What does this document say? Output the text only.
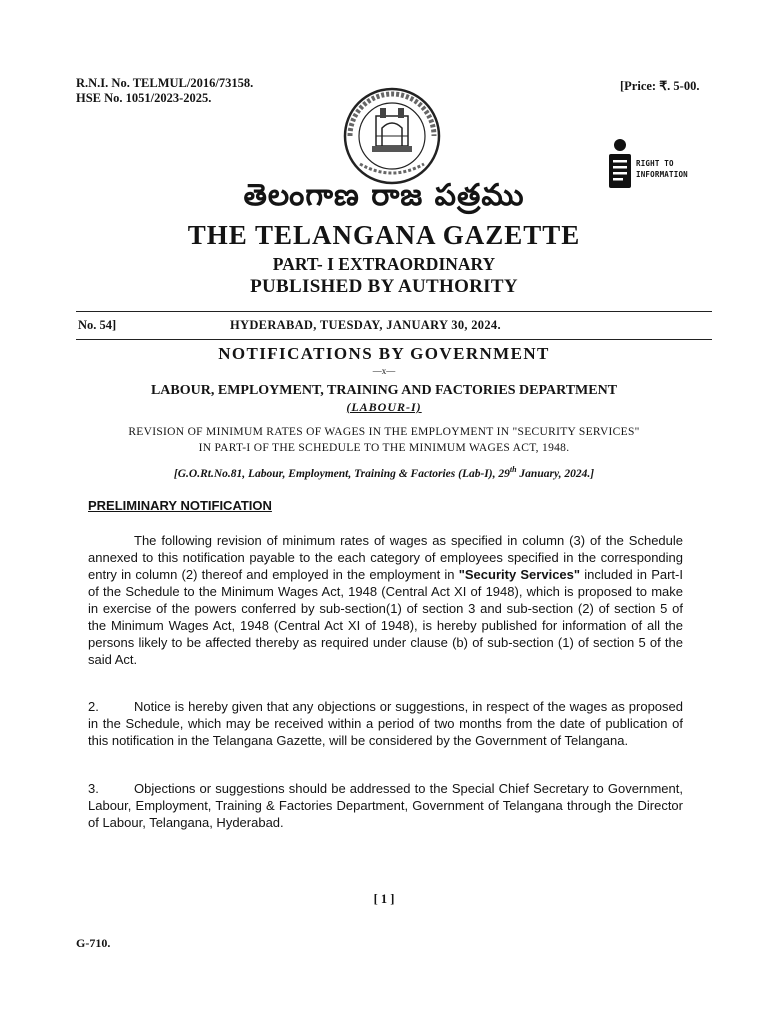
R.N.I. No. TELMUL/2016/73158.
HSE No. 1051/2023-2025.
[Price: ₹. 5-00.
RIGHT TO
INFORMATION
తెలంగాణ రాజ పత్రము
THE TELANGANA GAZETTE
PART- I EXTRAORDINARY
PUBLISHED BY AUTHORITY
No. 54]	HYDERABAD, TUESDAY, JANUARY 30, 2024.
NOTIFICATIONS BY GOVERNMENT
—x—
LABOUR, EMPLOYMENT, TRAINING AND FACTORIES DEPARTMENT
(LABOUR-I)
REVISION OF MINIMUM RATES OF WAGES IN THE EMPLOYMENT IN "SECURITY SERVICES"
IN PART-I OF THE SCHEDULE TO THE MINIMUM WAGES ACT, 1948.
[G.O.Rt.No.81, Labour, Employment, Training & Factories (Lab-I), 29th January, 2024.]
PRELIMINARY NOTIFICATION
The following revision of minimum rates of wages as specified in column (3) of the Schedule annexed to this notification payable to the each category of employees specified in the corresponding entry in column (2) thereof and employed in the employment in "Security Services" included in Part-I of the Schedule to the Minimum Wages Act, 1948 (Central Act XI of 1948), which is proposed to make in exercise of the powers conferred by sub-section(1) of section 3 and sub-section (2) of section 5 of the Minimum Wages Act, 1948 (Central Act XI of 1948), is hereby published for information of all the persons likely to be affected thereby as required under clause (b) of sub-section (1) of section 5 of the said Act.
2.	Notice is hereby given that any objections or suggestions, in respect of the wages as proposed in the Schedule, which may be received within a period of two months from the date of publication of this notification in the Telangana Gazette, will be considered by the Government of Telangana.
3.	Objections or suggestions should be addressed to the Special Chief Secretary to Government, Labour, Employment, Training & Factories Department, Government of Telangana through the Director of Labour, Telangana, Hyderabad.
[ 1 ]
G-710.
